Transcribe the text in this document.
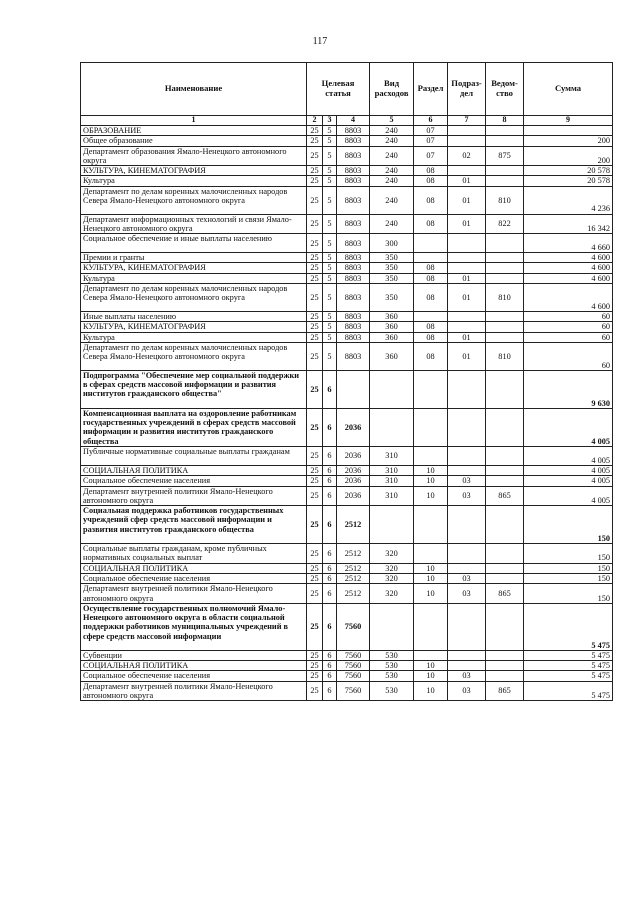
117
Наименование	Целевая статья			Вид расходов	Раздел	Подраз-дел	Ведом-ство	Сумма
1	2	3	4	5	6	7	8	9
ОБРАЗОВАНИЕ	25	5	8803	240	07			
Общее образование	25	5	8803	240	07			200
Департамент образования Ямало-Ненецкого автономного округа	25	5	8803	240	07	02	875	200
КУЛЬТУРА, КИНЕМАТОГРАФИЯ	25	5	8803	240	08			20 578
Культура	25	5	8803	240	08	01		20 578
Департамент по делам коренных малочисленных народов Севера Ямало-Ненецкого автономного округа	25	5	8803	240	08	01	810	4 236
Департамент информационных технологий и связи Ямало-Ненецкого автономного округа	25	5	8803	240	08	01	822	16 342
Социальное обеспечение и иные выплаты населению	25	5	8803	300				4 660
Премии и гранты	25	5	8803	350				4 600
КУЛЬТУРА, КИНЕМАТОГРАФИЯ	25	5	8803	350	08			4 600
Культура	25	5	8803	350	08	01		4 600
Департамент по делам коренных малочисленных народов Севера Ямало-Ненецкого автономного округа	25	5	8803	350	08	01	810	4 600
Иные выплаты населению	25	5	8803	360				60
КУЛЬТУРА, КИНЕМАТОГРАФИЯ	25	5	8803	360	08			60
Культура	25	5	8803	360	08	01		60
Департамент по делам коренных малочисленных народов Севера Ямало-Ненецкого автономного округа	25	5	8803	360	08	01	810	60
Подпрограмма "Обеспечение мер социальной поддержки в сферах средств массовой информации и развития институтов гражданского общества"	25	6						9 630
Компенсационная выплата на оздоровление работникам государственных учреждений в сферах средств массовой информации и развития институтов гражданского общества	25	6	2036					4 005
Публичные нормативные социальные выплаты гражданам	25	6	2036	310				4 005
СОЦИАЛЬНАЯ ПОЛИТИКА	25	6	2036	310	10			4 005
Социальное обеспечение населения	25	6	2036	310	10	03		4 005
Департамент внутренней политики Ямало-Ненецкого автономного округа	25	6	2036	310	10	03	865	4 005
Социальная поддержка работников государственных учреждений сфер средств массовой информации и развития институтов гражданского общества	25	6	2512					150
Социальные выплаты гражданам, кроме публичных нормативных социальных выплат	25	6	2512	320				150
СОЦИАЛЬНАЯ ПОЛИТИКА	25	6	2512	320	10			150
Социальное обеспечение населения	25	6	2512	320	10	03		150
Департамент внутренней политики Ямало-Ненецкого автономного округа	25	6	2512	320	10	03	865	150
Осуществление государственных полномочий Ямало-Ненецкого автономного округа в области социальной поддержки работников муниципальных учреждений в сфере средств массовой информации	25	6	7560					5 475
Субвенции	25	6	7560	530				5 475
СОЦИАЛЬНАЯ ПОЛИТИКА	25	6	7560	530	10			5 475
Социальное обеспечение населения	25	6	7560	530	10	03		5 475
Департамент внутренней политики Ямало-Ненецкого автономного округа	25	6	7560	530	10	03	865	5 475
